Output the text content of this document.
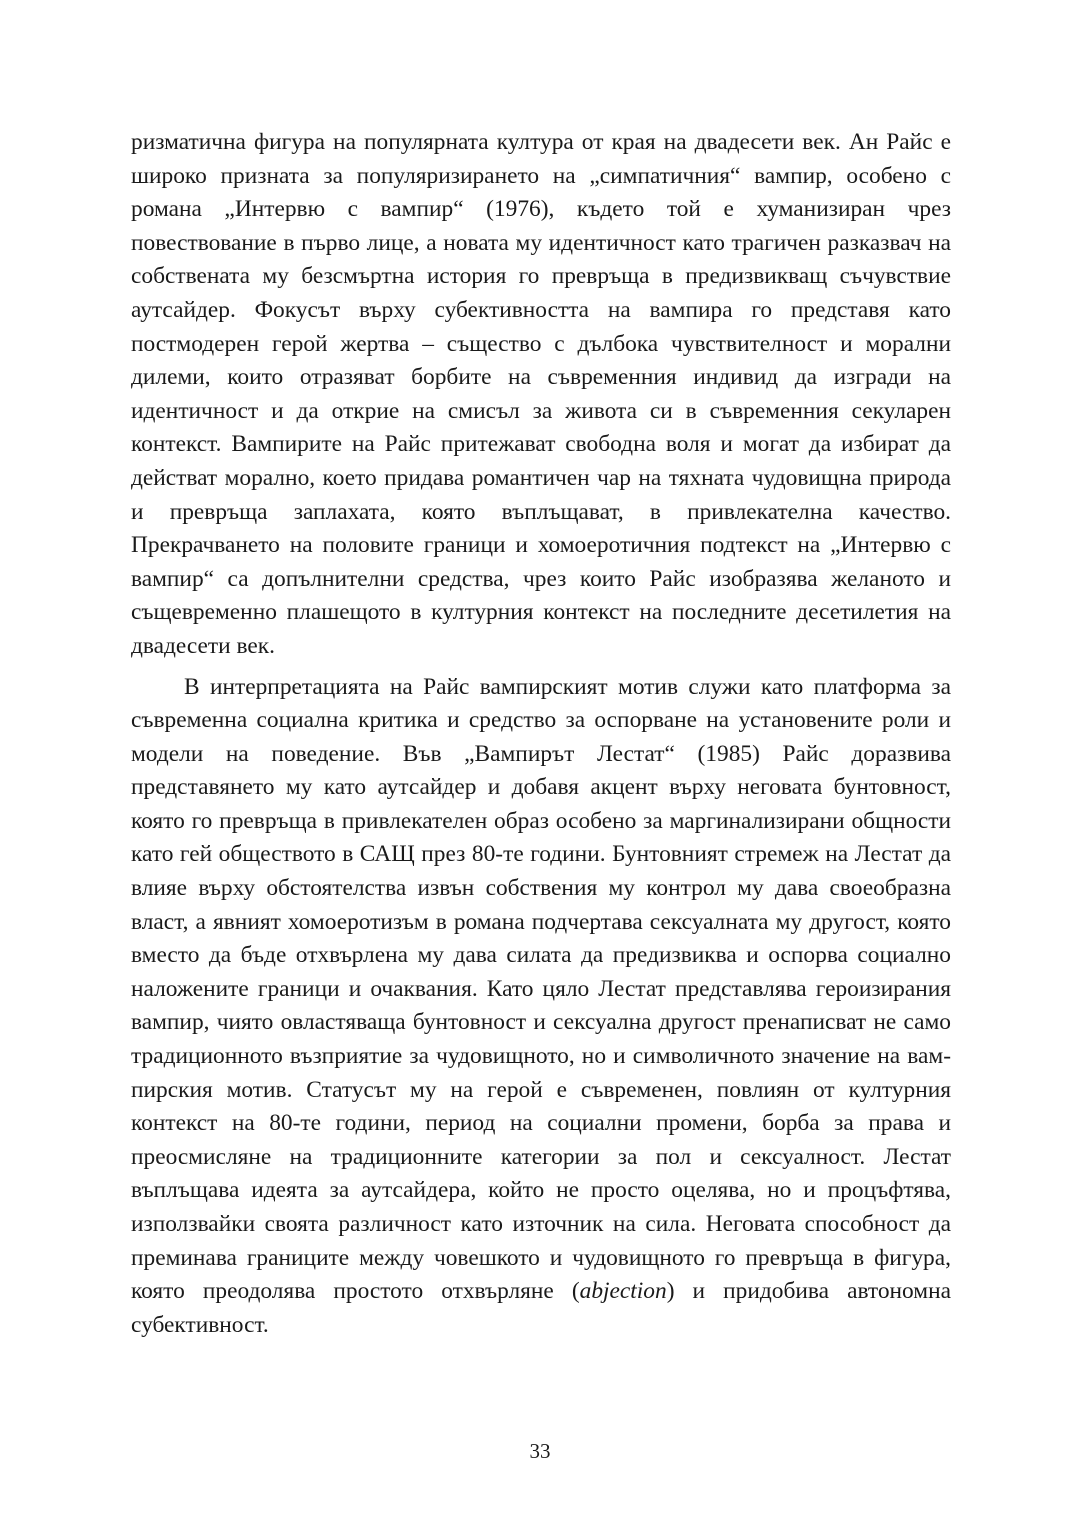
ризматична фигура на популярната култура от края на двадесети век. Ан Райс е широко призната за популяризирането на „симпатичния“ вампир, особено с романа „Интервю с вампир“ (1976), където той е хуманизиран чрез повествование в първо лице, а новата му идентичност като трагичен разказвач на собствената му безсмъртна история го превръща в предизвикващ съчувствие аутсайдер. Фокусът върху субективността на вампира го представя като постмодерен герой жертва – същество с дълбока чувствителност и морални дилеми, които отразяват борбите на съвременния индивид да изгради на идентичност и да открие на смисъл за живота си в съвременния секуларен контекст. Вампирите на Райс притежават свободна воля и могат да избират да действат морално, което придава романтичен чар на тяхната чудовищна природа и превръща заплахата, която въплъщават, в привлекателна качество. Прекрачването на половите граници и хомоеротичния подтекст на „Интервю с вампир“ са допълнителни средства, чрез които Райс изобразява желаното и същевременно плашещото в културния контекст на последните десетилетия на двадесети век.

В интерпретацията на Райс вампирският мотив служи като платформа за съвременна социална критика и средство за оспорване на установените роли и модели на поведение. Във „Вампирът Лестат“ (1985) Райс доразвива представянето му като аутсайдер и добавя акцент върху неговата бунтовност, която го превръща в привлекателен образ особено за маргинализирани общности като гей обществото в САЩ през 80-те години. Бунтовният стремеж на Лестат да влияе върху обстоятелства извън собствения му контрол му дава своеобразна власт, а явният хомоеротизъм в романа подчертава сексуалната му другост, която вместо да бъде отхвърлена му дава силата да предизвиква и оспорва социално наложените граници и очаквания. Като цяло Лестат представлява героизирания вампир, чиято овластяваща бунтовност и сексуална другост пренаписват не само традиционното възприятие за чудовищното, но и символичното значение на вампирския мотив. Статусът му на герой е съвременен, повлиян от културния контекст на 80-те години, период на социални промени, борба за права и преосмисляне на традиционните категории за пол и сексуалност. Лестат въплъщава идеята за аутсайдера, който не просто оцелява, но и процъфтява, използвайки своята различност като източник на сила. Неговата способност да преминава границите между човешкото и чудовищното го превръща в фигура, която преодолява простото отхвърляне (abjection) и придобива автономна субективност.

33
